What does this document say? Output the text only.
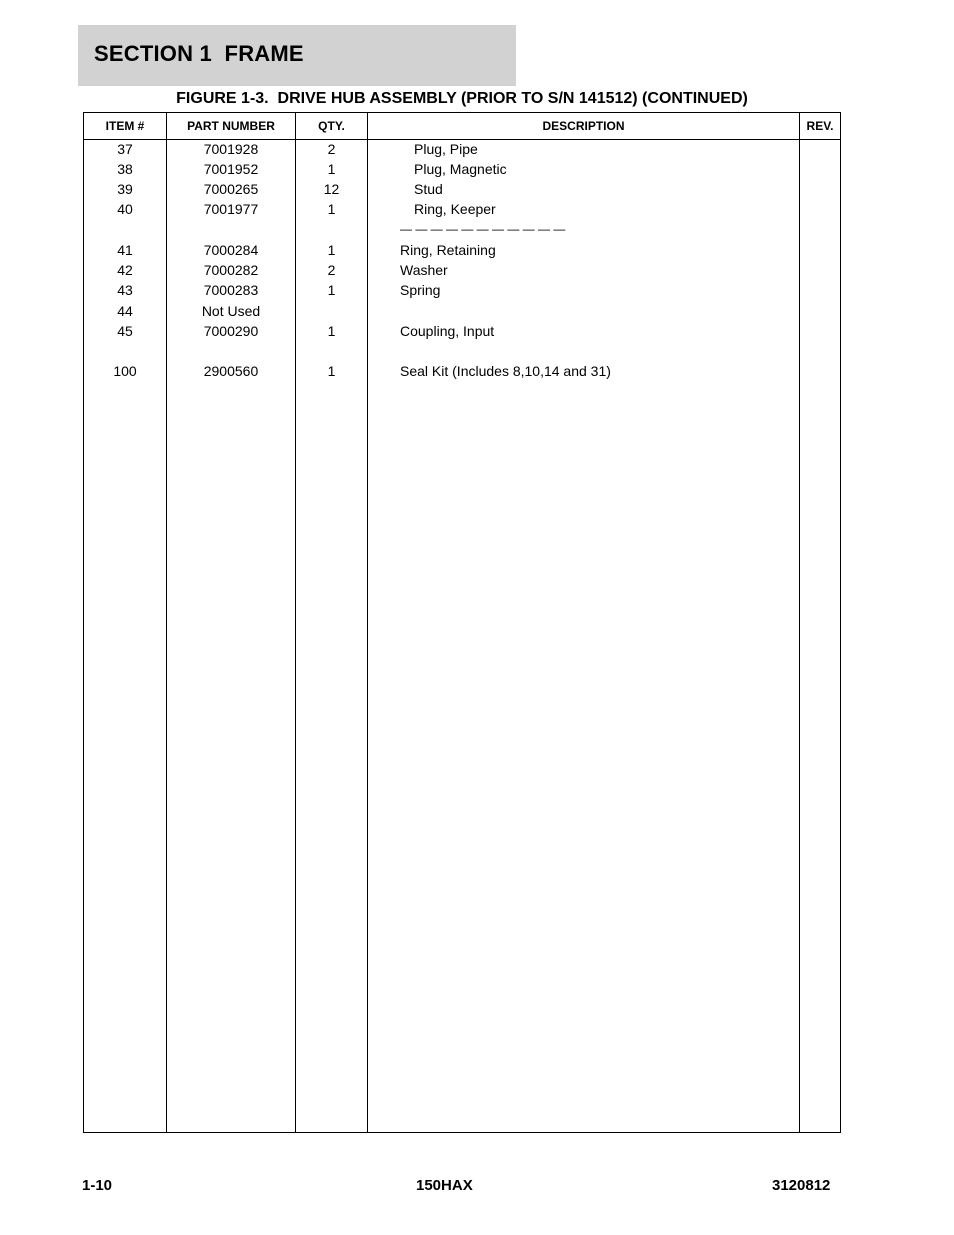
SECTION 1  FRAME
FIGURE 1-3.  DRIVE HUB ASSEMBLY (PRIOR TO S/N 141512) (CONTINUED)
ITEM #	PART NUMBER	QTY.	DESCRIPTION	REV.
37	7001928	2	Plug, Pipe
38	7001952	1	Plug, Magnetic
39	7000265	12	Stud
40	7001977	1	Ring, Keeper
— — — — — — — — — — —
41	7000284	1	Ring, Retaining
42	7000282	2	Washer
43	7000283	1	Spring
44	Not Used
45	7000290	1	Coupling, Input
100	2900560	1	Seal Kit (Includes 8,10,14 and 31)
1-10	150HAX	3120812
